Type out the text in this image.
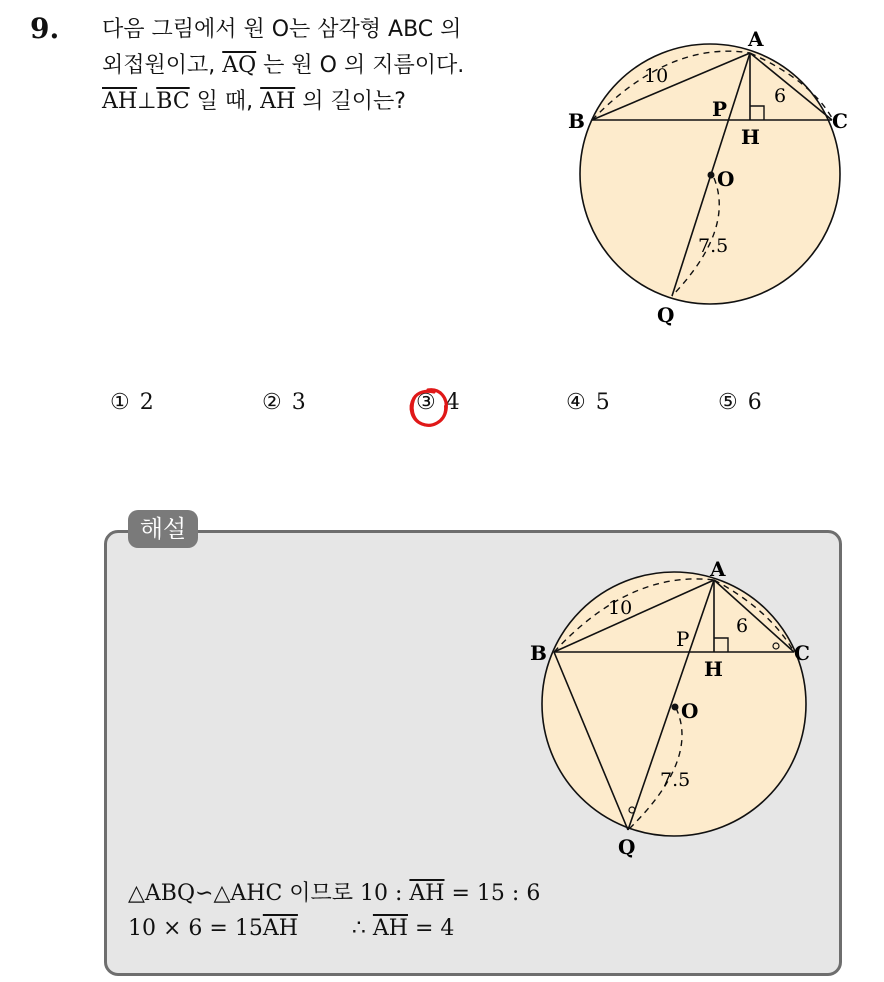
9. 다음 그림에서 원 O는 삼각형 ABC 의
외접원이고, $\overline{AQ}$ 는 원 O 의 지름이다.
$\overline{AH}\perp\overline{BC}$ 일 때, $\overline{AH}$ 의 길이는?
A
B	C
P
H
O
Q
10
6
7.5
① 2	② 3	③ 4	④ 5	⑤ 6
해설
A
B	C
P
H
O
Q
10
6
7.5
△ABQ∽△AHC 이므로 10 : $\overline{AH} = 15$ : 6
$10 \times 6 = 15\overline{AH}$ ∴ $\overline{AH} = 4$
